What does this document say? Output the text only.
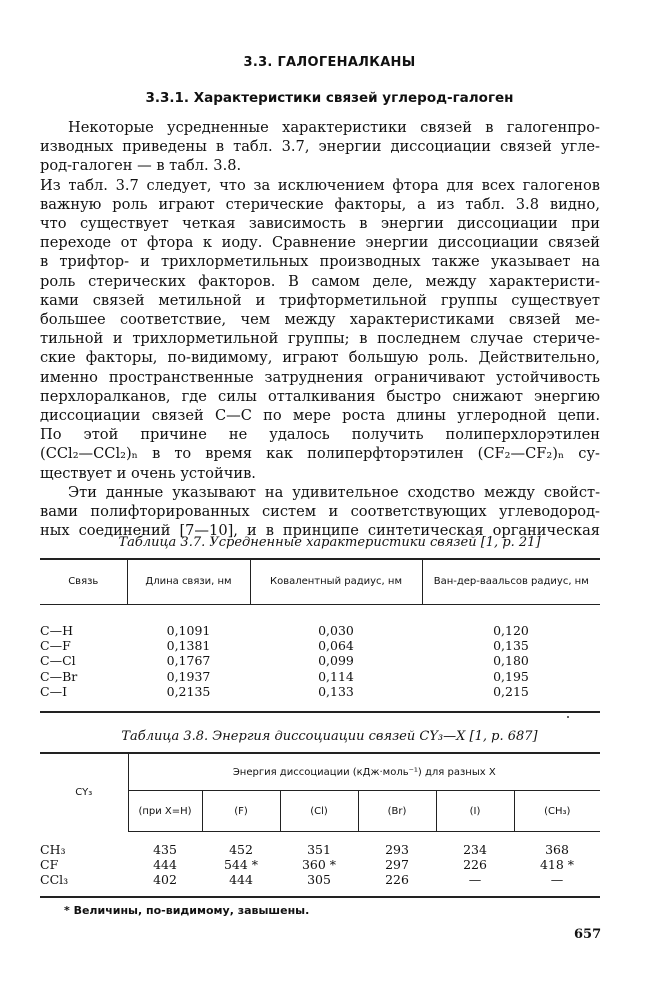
3.3. ГАЛОГЕНАЛКАНЫ
3.3.1. Характеристики связей углерод-галоген
Некоторые усредненные характеристики связей в галогенпро-
изводных приведены в табл. 3.7, энергии диссоциации связей угле-
род-галоген — в табл. 3.8.
Из табл. 3.7 следует, что за исключением фтора для всех галогенов
важную роль играют стерические факторы, а из табл. 3.8 видно,
что существует четкая зависимость в энергии диссоциации при
переходе от фтора к иоду. Сравнение энергии диссоциации связей
в трифтор- и трихлорметильных производных также указывает на
роль стерических факторов. В самом деле, между характеристи-
ками связей метильной и трифторметильной группы существует
большее соответствие, чем между характеристиками связей ме-
тильной и трихлорметильной группы; в последнем случае стериче-
ские факторы, по-видимому, играют большую роль. Действительно,
именно пространственные затруднения ограничивают устойчивость
перхлоралканов, где силы отталкивания быстро снижают энергию
диссоциации связей С—С по мере роста длины углеродной цепи.
По этой причине не удалось получить полиперхлорэтилен
(CCl₂—CCl₂)ₙ в то время как полиперфторэтилен (CF₂—CF₂)ₙ су-
ществует и очень устойчив.
Эти данные указывают на удивительное сходство между свойст-
вами полифторированных систем и соответствующих углеводород-
ных соединений [7—10], и в принципе синтетическая органическая
Таблица 3.7. Усредненные характеристики связей [1, р. 21]
Связь	Длина связи, нм	Ковалентный радиус, нм	Ван-дер-ваальсов радиус, нм
C—H	0,1091	0,030	0,120
C—F	0,1381	0,064	0,135
C—Cl	0,1767	0,099	0,180
C—Br	0,1937	0,114	0,195
C—I	0,2135	0,133	0,215
Таблица 3.8. Энергия диссоциации связей CY₃—X [1, р. 687]
CY₃	Энергия диссоциации (кДж·моль⁻¹) для разных X					
	(при X=H)	(F)	(Cl)	(Br)	(I)	(CH₃)
CH₃	435	452	351	293	234	368
CF	444	544 *	360 *	297	226	418 *
CCl₃	402	444	305	226	—	—
* Величины, по-видимому, завышены.
657
